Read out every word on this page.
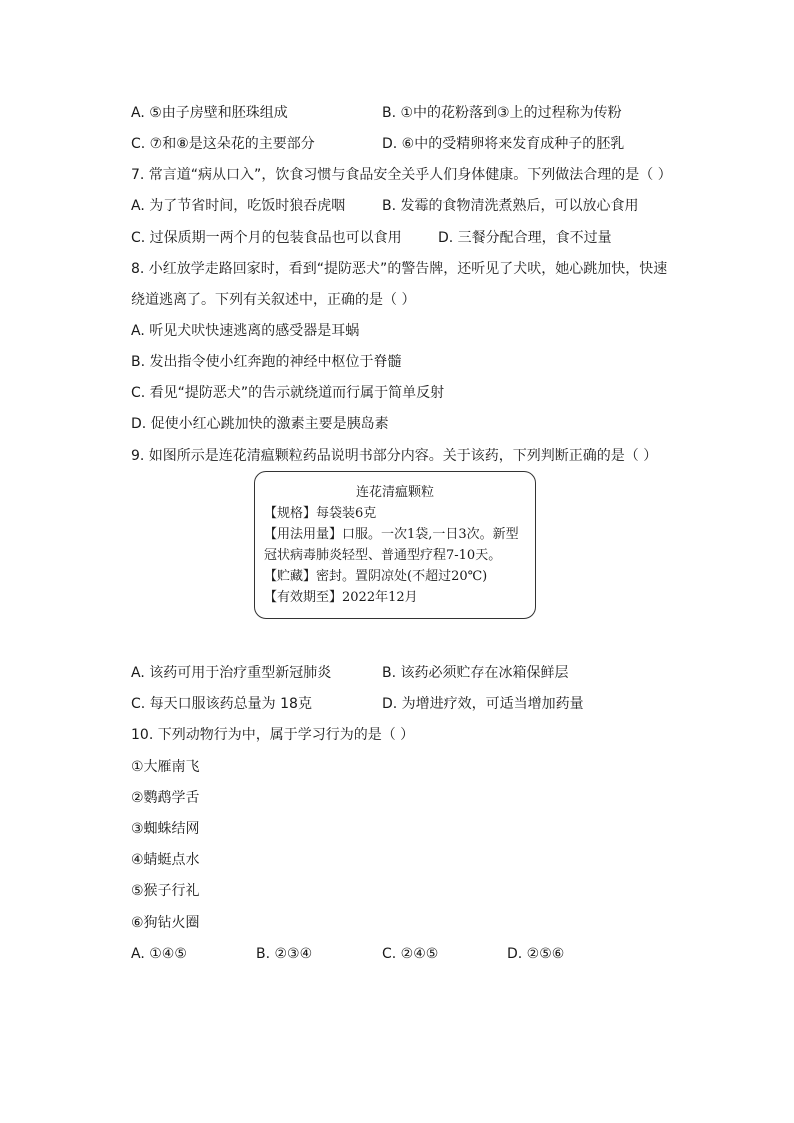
A. ⑤由子房壁和胚珠组成	B. ①中的花粉落到③上的过程称为传粉
C. ⑦和⑧是这朵花的主要部分	D. ⑥中的受精卵将来发育成种子的胚乳
7. 常言道“病从口入”，饮食习惯与食品安全关乎人们身体健康。下列做法合理的是（ ）
A. 为了节省时间，吃饭时狼吞虎咽	B. 发霉的食物清洗煮熟后，可以放心食用
C. 过保质期一两个月的包装食品也可以食用	D. 三餐分配合理，食不过量
8. 小红放学走路回家时，看到“提防恶犬”的警告牌，还听见了犬吠，她心跳加快，快速
绕道逃离了。下列有关叙述中，正确的是（ ）
A. 听见犬吠快速逃离的感受器是耳蜗
B. 发出指令使小红奔跑的神经中枢位于脊髓
C. 看见“提防恶犬”的告示就绕道而行属于简单反射
D. 促使小红心跳加快的激素主要是胰岛素
9. 如图所示是连花清瘟颗粒药品说明书部分内容。关于该药，下列判断正确的是（ ）
连花清瘟颗粒
【规格】每袋装6克
【用法用量】口服。一次1袋,一日3次。新型
冠状病毒肺炎轻型、普通型疗程7-10天。
【贮藏】密封。置阴凉处(不超过20℃)
【有效期至】2022年12月
A. 该药可用于治疗重型新冠肺炎	B. 该药必须贮存在冰箱保鲜层
C. 每天口服该药总量为 18克	D. 为增进疗效，可适当增加药量
10. 下列动物行为中，属于学习行为的是（ ）
①大雁南飞
②鹦鹉学舌
③蜘蛛结网
④蜻蜓点水
⑤猴子行礼
⑥狗钻火圈
A. ①④⑤	B. ②③④	C. ②④⑤	D. ②⑤⑥
